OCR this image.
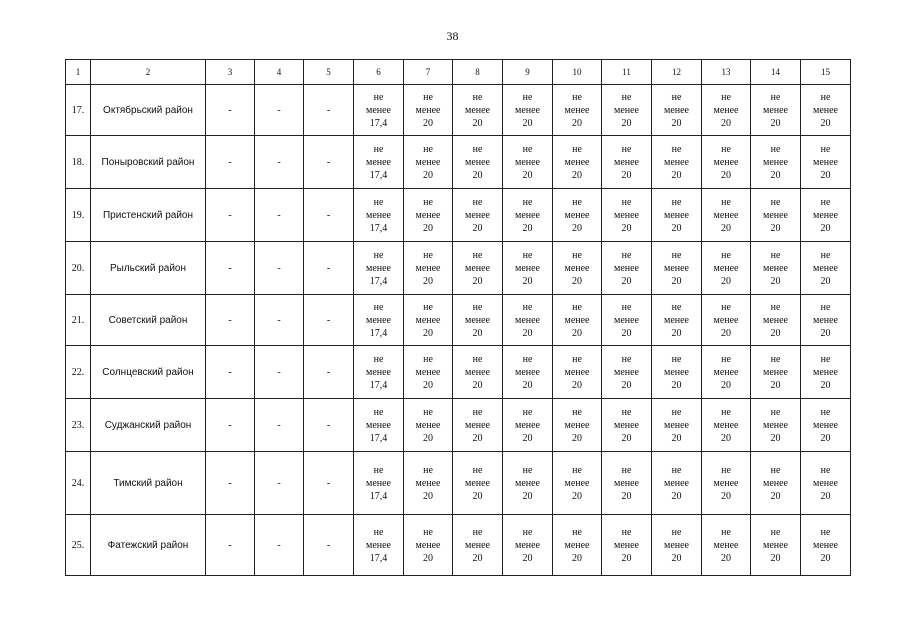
38
1	2	3	4	5	6	7	8	9	10	11	12	13	14	15
17.	Октябрьский район	-	-	-	не
менее
17,4	не
менее
20	не
менее
20	не
менее
20	не
менее
20	не
менее
20	не
менее
20	не
менее
20	не
менее
20	не
менее
20

18.	Поныровский район	-	-	-	не
менее
17,4	не
менее
20	не
менее
20	не
менее
20	не
менее
20	не
менее
20	не
менее
20	не
менее
20	не
менее
20	не
менее
20

19.	Пристенский район	-	-	-	не
менее
17,4	не
менее
20	не
менее
20	не
менее
20	не
менее
20	не
менее
20	не
менее
20	не
менее
20	не
менее
20	не
менее
20

20.	Рыльский район	-	-	-	не
менее
17,4	не
менее
20	не
менее
20	не
менее
20	не
менее
20	не
менее
20	не
менее
20	не
менее
20	не
менее
20	не
менее
20

21.	Советский район	-	-	-	не
менее
17,4	не
менее
20	не
менее
20	не
менее
20	не
менее
20	не
менее
20	не
менее
20	не
менее
20	не
менее
20	не
менее
20

22.	Солнцевский район	-	-	-	не
менее
17,4	не
менее
20	не
менее
20	не
менее
20	не
менее
20	не
менее
20	не
менее
20	не
менее
20	не
менее
20	не
менее
20

23.	Суджанский район	-	-	-	не
менее
17,4	не
менее
20	не
менее
20	не
менее
20	не
менее
20	не
менее
20	не
менее
20	не
менее
20	не
менее
20	не
менее
20

24.	Тимский район	-	-	-	не
менее
17,4	не
менее
20	не
менее
20	не
менее
20	не
менее
20	не
менее
20	не
менее
20	не
менее
20	не
менее
20	не
менее
20

25.	Фатежский район	-	-	-	не
менее
17,4	не
менее
20	не
менее
20	не
менее
20	не
менее
20	не
менее
20	не
менее
20	не
менее
20	не
менее
20	не
менее
20
